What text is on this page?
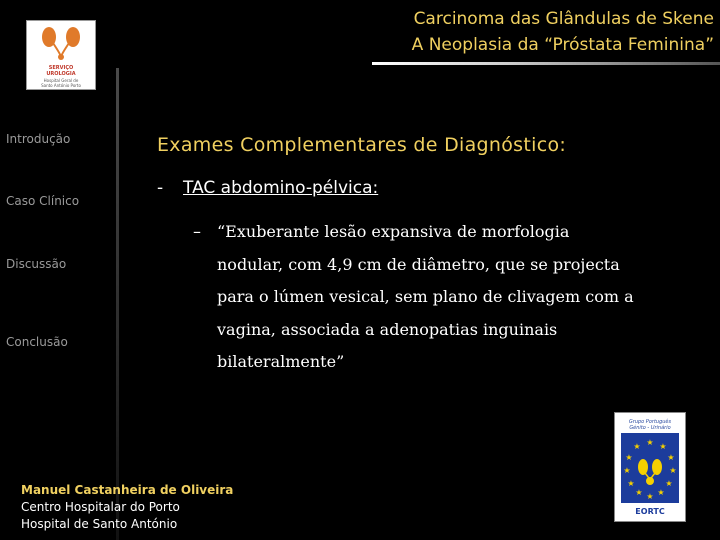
Carcinoma das Glândulas de Skene
A Neoplasia da “Próstata Feminina”
SERVIÇO
UROLOGIA
Hospital Geral de
Santo António Porto
Introdução
Caso Clínico
Discussão
Conclusão
Exames Complementares de Diagnóstico:
- TAC abdomino-pélvica:
– “Exuberante lesão expansiva de morfologia
nodular, com 4,9 cm de diâmetro, que se projecta
para o lúmen vesical, sem plano de clivagem com a
vagina, associada a adenopatias inguinais
bilateralmente”
Manuel Castanheira de Oliveira
Centro Hospitalar do Porto
Hospital de Santo António
Grupo Português
Génito - Urinário
★ ★
★
★
★
★
★
★
★
★
★
★
EORTC
